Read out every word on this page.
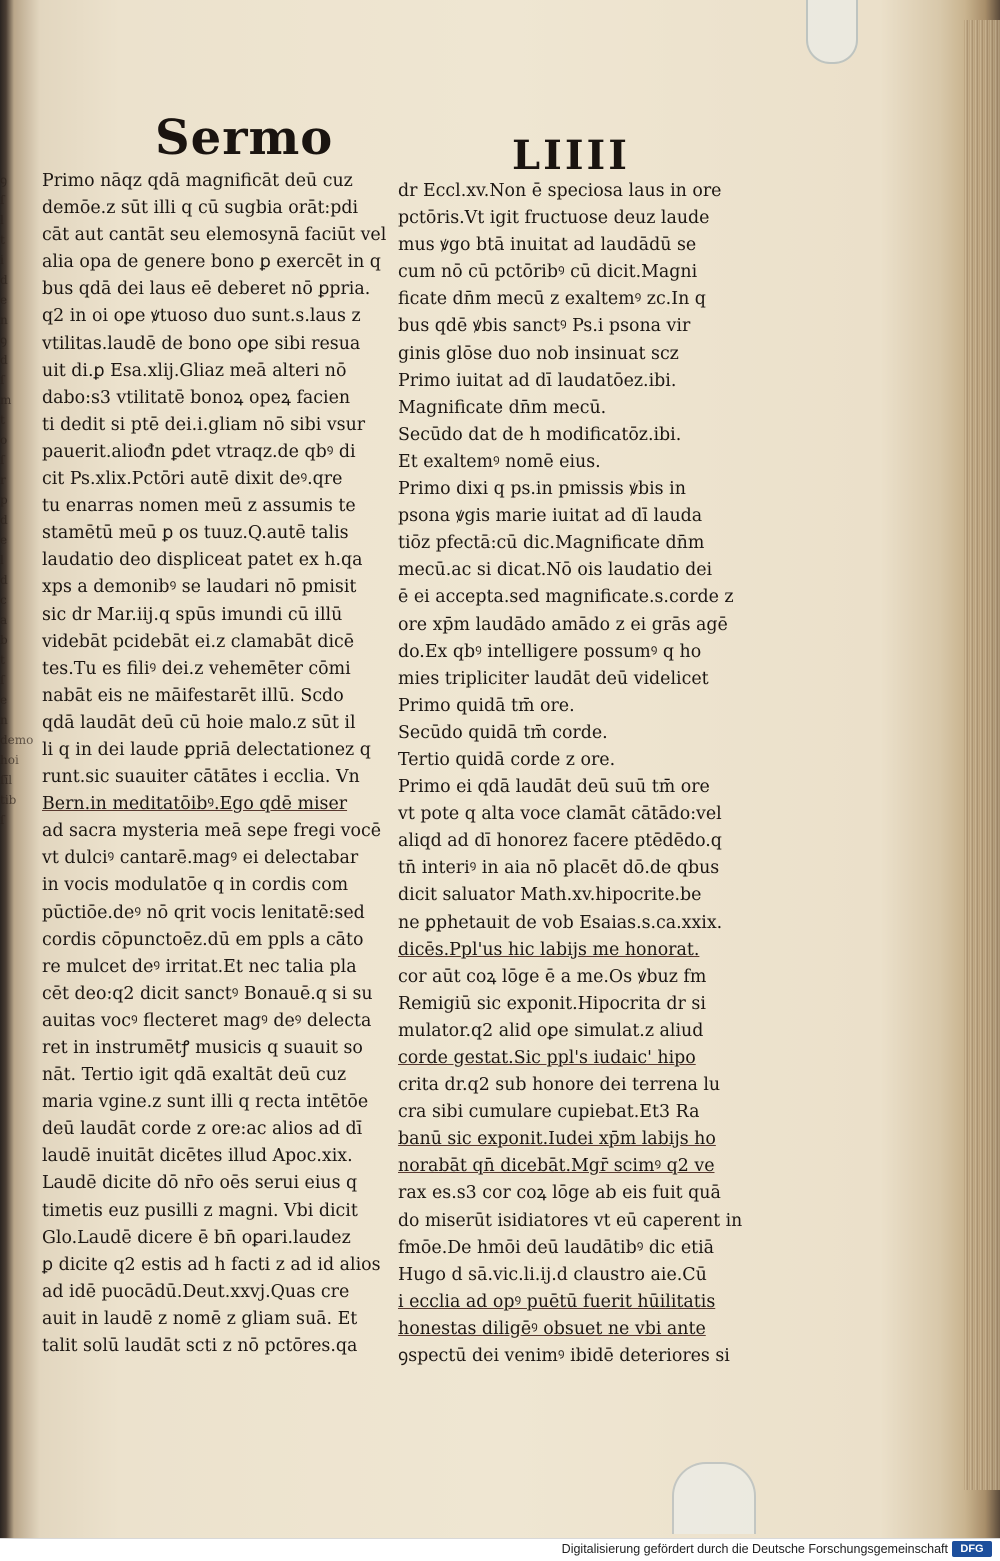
ꝯ
ſ
l
t
i
d
e
n
ꝯ
d
ſ
m
t
o
ſ
r
p
d
e
l
d
c
a
b
t
ſ
e
n
demo
hoi
ſīl
tib
ſ
Sermo	LIIII
Primo nāqz qdā magnificāt deū cuz
demōe.z sūt illi q cū sugbia orāt:pdi
cāt aut cantāt seu elemosynā faciūt vel
alia opa de genere bono ꝑ exercēt in q
bus qdā dei laus eē deberet nō ꝑpria.
q2 in oi oꝑe ꝟtuoso duo sunt.s.laus z
vtilitas.laudē de bono oꝑe sibi resua
uit di.ꝑ Esa.xlij.Gliaz meā alteri nō
dabo:s3 vtilitatē bonoꝝ opeꝝ facien
ti dedit si ptē dei.i.gliam nō sibi vsur
pauerit.aliođn ꝑdet vtraqz.de qbꝰ di
cit Ps.xlix.Pctōri autē dixit deꝰ.qre
tu enarras nomen meū z assumis te
stamētū meū ꝑ os tuuz.Q.autē talis
laudatio deo displiceat patet ex h.qa
xps a demonibꝰ se laudari nō pmisit
sic dr Mar.iij.q spūs imundi cū illū
videbāt pcidebāt ei.z clamabāt dicē
tes.Tu es filiꝰ dei.z vehemēter cōmi
nabāt eis ne māifestarēt illū. Scdo
qdā laudāt deū cū hoie malo.z sūt il
li q in dei laude ꝑpriā delectationez q
runt.sic suauiter cātātes i ecclia. Vn
Bern.in meditatōibꝰ.Ego qdē miser
ad sacra mysteria meā sepe fregi vocē
vt dulciꝰ cantarē.magꝰ ei delectabar
in vocis modulatōe q in cordis com
pūctiōe.deꝰ nō qrit vocis lenitatē:sed
cordis cōpunctoēz.dū em ppls a cāto
re mulcet deꝰ irritat.Et nec talia pla
cēt deo:q2 dicit sanctꝰ Bonauē.q si su
auitas vocꝰ flecteret magꝰ deꝰ delecta
ret in instrumētꝭ musicis q suauit so
nāt. Tertio igit qdā exaltāt deū cuz
maria vgine.z sunt illi q recta intētōe
deū laudāt corde z ore:ac alios ad dī
laudē inuitāt dicētes illud Apoc.xix.
Laudē dicite dō nr̄o oēs serui eius q
timetis euz pusilli z magni. Vbi dicit
Glo.Laudē dicere ē bn̄ oꝑari.laudez
ꝑ dicite q2 estis ad h facti z ad id alios
ad idē puocādū.Deut.xxvj.Quas cre
auit in laudē z nomē z gliam suā. Et
talit solū laudāt scti z nō pctōres.qa
dr Eccl.xv.Non ē speciosa laus in ore
pctōris.Vt igit fructuose deuz laude
mus ꝟgo btā inuitat ad laudādū se
cum nō cū pctōribꝰ cū dicit.Magni
ficate dn̄m mecū z exaltemꝰ zc.In q
bus qdē ꝟbis sanctꝰ Ps.i psona vir
ginis glōse duo nob insinuat scz
Primo iuitat ad dī laudatōez.ibi.
Magnificate dn̄m mecū.
Secūdo dat de h modificatōz.ibi.
Et exaltemꝰ nomē eius.
Primo dixi q ps.in pmissis ꝟbis in
psona ꝟgis marie iuitat ad dī lauda
tiōz pfectā:cū dic.Magnificate dn̄m
mecū.ac si dicat.Nō ois laudatio dei
ē ei accepta.sed magnificate.s.corde z
ore xp̄m laudādo amādo z ei grās agē
do.Ex qbꝰ intelligere possumꝰ q ho
mies tripliciter laudāt deū videlicet
Primo quidā tm̄ ore.
Secūdo quidā tm̄ corde.
Tertio quidā corde z ore.
Primo ei qdā laudāt deū suū tm̄ ore
vt pote q alta voce clamāt cātādo:vel
aliqd ad dī honorez facere ptēdēdo.q
tn̄ interiꝰ in aia nō placēt dō.de qbus
dicit saluator Math.xv.hipocrite.be
ne ꝑphetauit de vob Esaias.s.ca.xxix.
dicēs.Ppl'us hic labijs me honorat.
cor aūt coꝝ lōge ē a me.Os ꝟbuz fm
Remigiū sic exponit.Hipocrita dr si
mulator.q2 alid oꝑe simulat.z aliud
corde gestat.Sic ppl's iudaic' hipo
crita dr.q2 sub honore dei terrena lu
cra sibi cumulare cupiebat.Et3 Ra
banū sic exponit.Iudei xp̄m labijs ho
norabāt qn̄ dicebāt.Mgr̄ scimꝰ q2 ve
rax es.s3 cor coꝝ lōge ab eis fuit quā
do miserūt isidiatores vt eū caperent in
fmōe.De hmōi deū laudātibꝰ dic etiā
Hugo d sā.vic.li.ij.d claustro aie.Cū
i ecclia ad opꝰ puētū fuerit hūilitatis
honestas diligēꝰ obsuet ne vbi ante
ꝯspectū dei venimꝰ ibidē deteriores si
Digitalisierung gefördert durch die Deutsche Forschungsgemeinschaft	DFG
